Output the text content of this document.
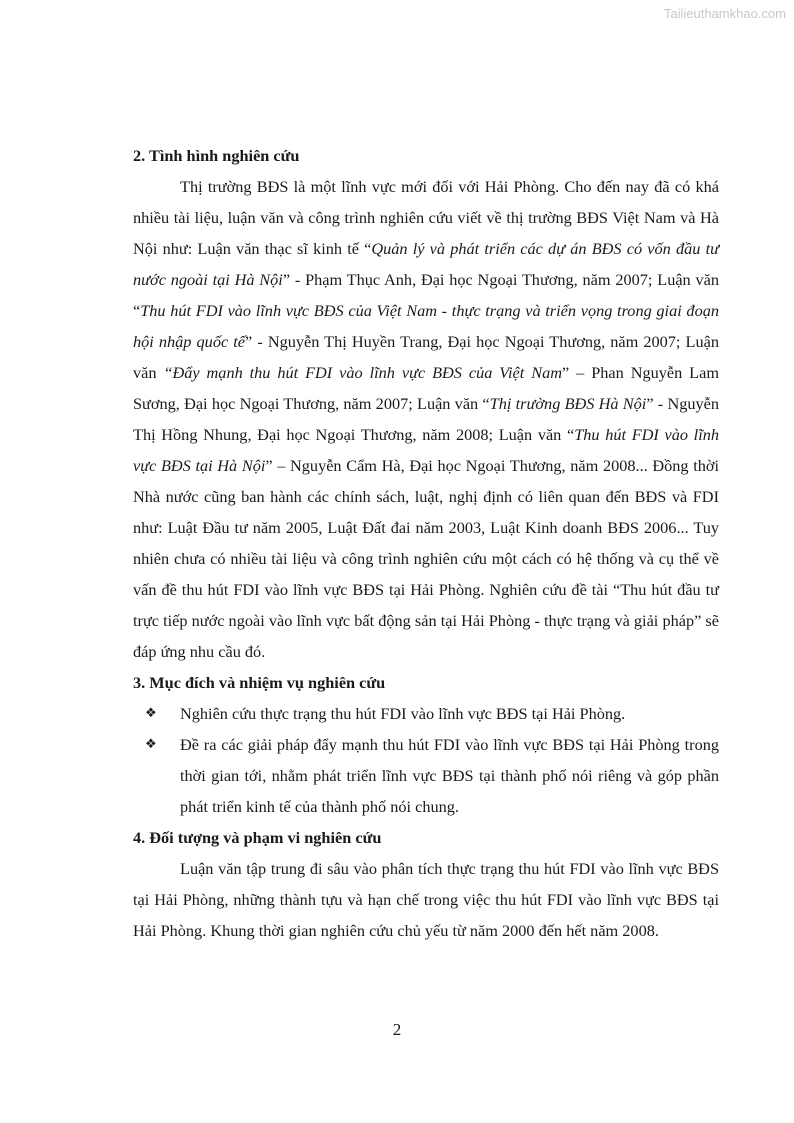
Tailieuthamkhao.com

2. Tình hình nghiên cứu

Thị trường BĐS là một lĩnh vực mới đối với Hải Phòng. Cho đến nay đã có khá nhiều tài liệu, luận văn và công trình nghiên cứu viết về thị trường BĐS Việt Nam và Hà Nội như: Luận văn thạc sĩ kinh tế “Quản lý và phát triển các dự án BĐS có vốn đầu tư nước ngoài tại Hà Nội” - Phạm Thục Anh, Đại học Ngoại Thương, năm 2007; Luận văn “Thu hút FDI vào lĩnh vực BĐS của Việt Nam - thực trạng và triển vọng trong giai đoạn hội nhập quốc tế” - Nguyễn Thị Huyền Trang, Đại học Ngoại Thương, năm 2007; Luận văn “Đẩy mạnh thu hút FDI vào lĩnh vực BĐS của Việt Nam” – Phan Nguyễn Lam Sương, Đại học Ngoại Thương, năm 2007; Luận văn “Thị trường BĐS Hà Nội” - Nguyễn Thị Hồng Nhung, Đại học Ngoại Thương, năm 2008; Luận văn “Thu hút FDI vào lĩnh vực BĐS tại Hà Nội” – Nguyễn Cẩm Hà, Đại học Ngoại Thương, năm 2008... Đồng thời Nhà nước cũng ban hành các chính sách, luật, nghị định có liên quan đến BĐS và FDI như: Luật Đầu tư năm 2005, Luật Đất đai năm 2003, Luật Kinh doanh BĐS 2006... Tuy nhiên chưa có nhiều tài liệu và công trình nghiên cứu một cách có hệ thống và cụ thể về vấn đề thu hút FDI vào lĩnh vực BĐS tại Hải Phòng. Nghiên cứu đề tài “Thu hút đầu tư trực tiếp nước ngoài vào lĩnh vực bất động sản tại Hải Phòng - thực trạng và giải pháp” sẽ đáp ứng nhu cầu đó.

3. Mục đích và nhiệm vụ nghiên cứu

❖ Nghiên cứu thực trạng thu hút FDI vào lĩnh vực BĐS tại Hải Phòng.
❖ Đề ra các giải pháp đẩy mạnh thu hút FDI vào lĩnh vực BĐS tại Hải Phòng trong thời gian tới, nhằm phát triển lĩnh vực BĐS tại thành phố nói riêng và góp phần phát triển kinh tế của thành phố nói chung.

4. Đối tượng và phạm vi nghiên cứu

Luận văn tập trung đi sâu vào phân tích thực trạng thu hút FDI vào lĩnh vực BĐS tại Hải Phòng, những thành tựu và hạn chế trong việc thu hút FDI vào lĩnh vực BĐS tại Hải Phòng. Khung thời gian nghiên cứu chủ yếu từ năm 2000 đến hết năm 2008.

2
